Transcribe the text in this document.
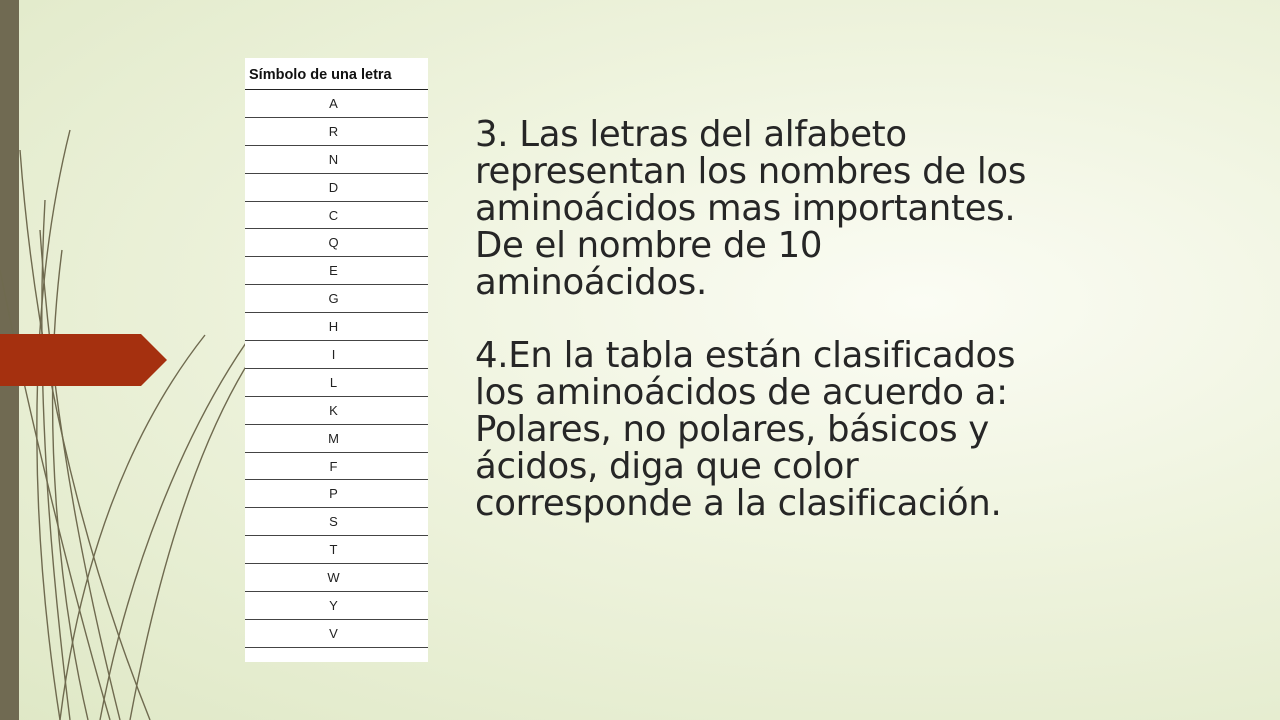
Símbolo de una letra
A
R
N
D
C
Q
E
G
H
I
L
K
M
F
P
S
T
W
Y
V

3. Las letras del alfabeto
representan los nombres de los
aminoácidos mas importantes.
De el nombre de 10
aminoácidos.

4.En la tabla están clasificados
los aminoácidos de acuerdo a:
Polares, no polares, básicos y
ácidos, diga que color
corresponde a la clasificación.
